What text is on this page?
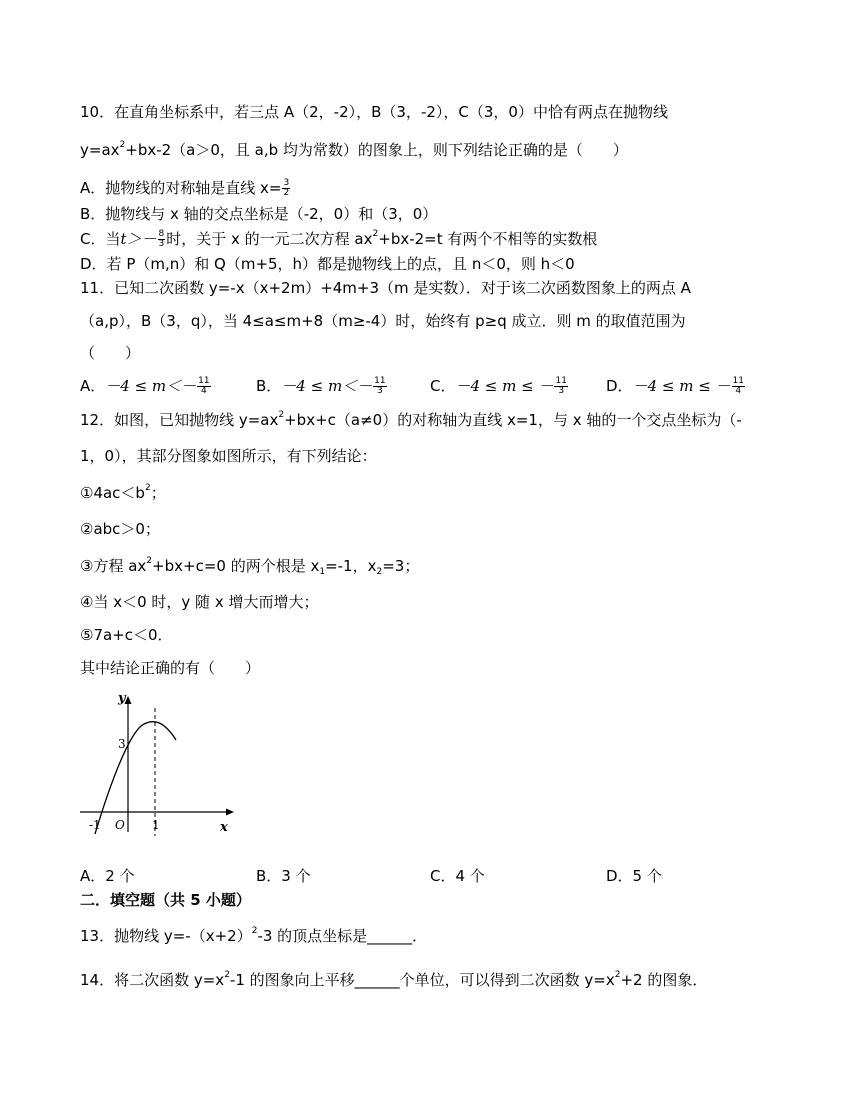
10．在直角坐标系中，若三点 A（2，-2），B（3，-2），C（3，0）中恰有两点在抛物线
$y=ax^2+bx-2(a>0$，且 a,b 均为常数）的图象上，则下列结论正确的是（　　）
A．抛物线的对称轴是直线 $x= \frac{3}{2}$
B．抛物线与 x 轴的交点坐标是（-2，0）和（3，0）
C．当$t>- \frac{8}{3}$ 时，关于 x 的一元二次方程 $ax^2+bx-2=t$ 有两个不相等的实数根
D．若 P（m,n）和 Q（m+5，h）都是抛物线上的点，且 n＜0，则 h＜0
11．已知二次函数 y=-x（x+2m）+4m+3（m 是实数）．对于该二次函数图象上的两点 A
（a,p），B（3，q），当 4≤a≤m+8（m≥-4）时，始终有 p≥q 成立．则 m 的取值范围为
（　　）
A．$-4 \le m<- \frac{11}{4}$	B．$-4 \le m<- \frac{11}{3}$	C．－4 ≤ m ≤ － $\frac{11}{3}$	D．－4 ≤ m ≤ － $\frac{11}{4}$
12．如图，已知抛物线 $y=ax^2+bx+c(a\ne 0)$的对称轴为直线 x=1，与 x 轴的一个交点坐标为（-
1，0），其部分图象如图所示，有下列结论：
$①4ac<b^2$；
②abc＞0；
③方程 $ax^2+bx+c=0$ 的两个根是 $x_1=-1$，$x_2=3$；
④当 x＜0 时，y 随 x 增大而增大；
⑤7a+c＜0．
其中结论正确的有（　　）
y
x
O
-1	1
3
A．2 个	B．3 个	C．4 个	D．5 个
二．填空题（共 5 小题）
13．抛物线 $y=-(x+2)^2-3$ 的顶点坐标是______．
14．将二次函数 $y=x^2-1$ 的图象向上平移______个单位，可以得到二次函数 $y=x^2+2$ 的图象．
